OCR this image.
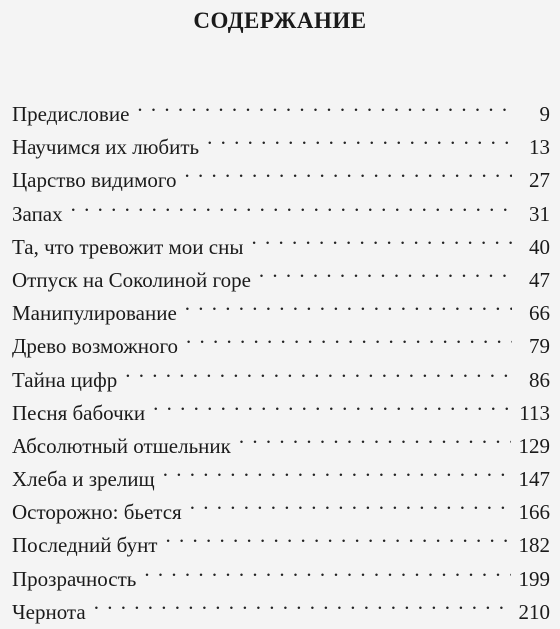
СОДЕРЖАНИЕ
Предисловие . . .	9
Научимся их любить . . .	13
Царство видимого . . .	27
Запах . . .	31
Та, что тревожит мои сны . . .	40
Отпуск на Соколиной горе . . .	47
Манипулирование . . .	66
Древо возможного . . .	79
Тайна цифр . . .	86
Песня бабочки . . .	113
Абсолютный отшельник . . .	129
Хлеба и зрелищ . . .	147
Осторожно: бьется . . .	166
Последний бунт . . .	182
Прозрачность . . .	199
Чернота . . .	210
